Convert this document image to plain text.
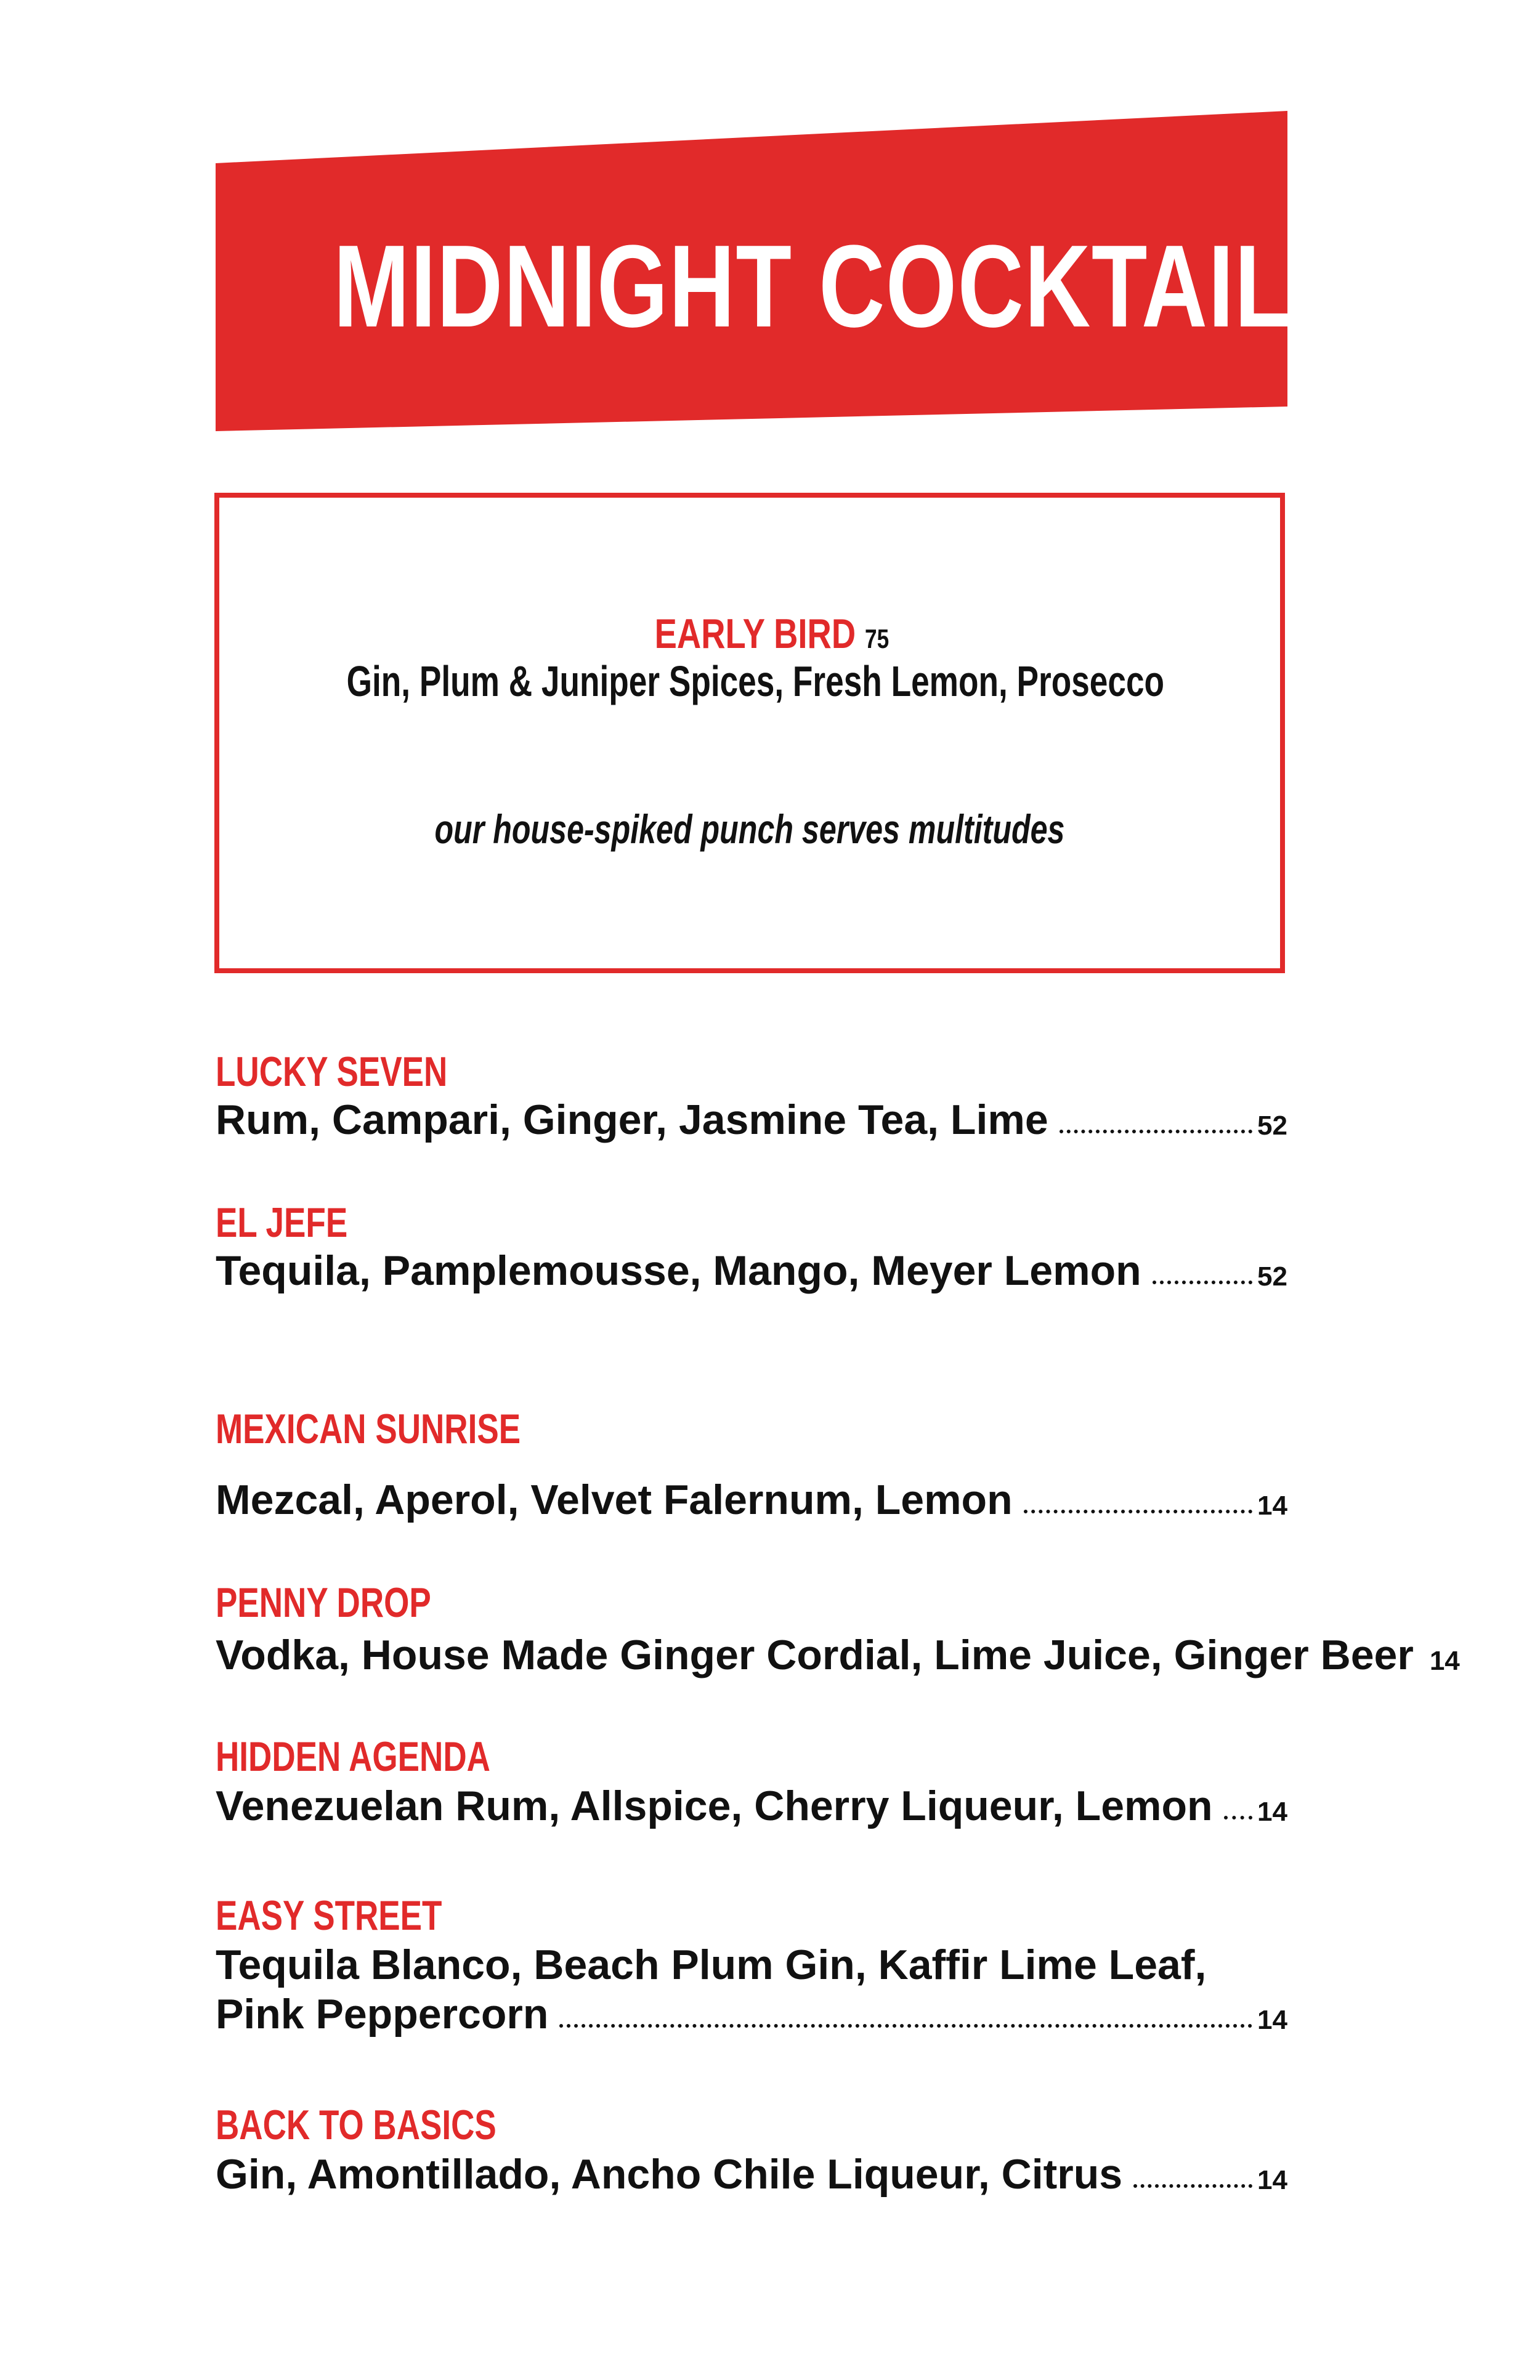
MIDNIGHT COCKTAILS
EARLY BIRD 75
Gin, Plum & Juniper Spices, Fresh Lemon, Prosecco
our house-spiked punch serves multitudes
LUCKY SEVEN
Rum, Campari, Ginger, Jasmine Tea, Lime	52
EL JEFE
Tequila, Pamplemousse, Mango, Meyer Lemon	52
MEXICAN SUNRISE
Mezcal, Aperol, Velvet Falernum, Lemon	14
PENNY DROP
Vodka, House Made Ginger Cordial, Lime Juice, Ginger Beer 14
HIDDEN AGENDA
Venezuelan Rum, Allspice, Cherry Liqueur, Lemon 14
EASY STREET
Tequila Blanco, Beach Plum Gin, Kaffir Lime Leaf,
Pink Peppercorn	14
BACK TO BASICS
Gin, Amontillado, Ancho Chile Liqueur, Citrus	14
